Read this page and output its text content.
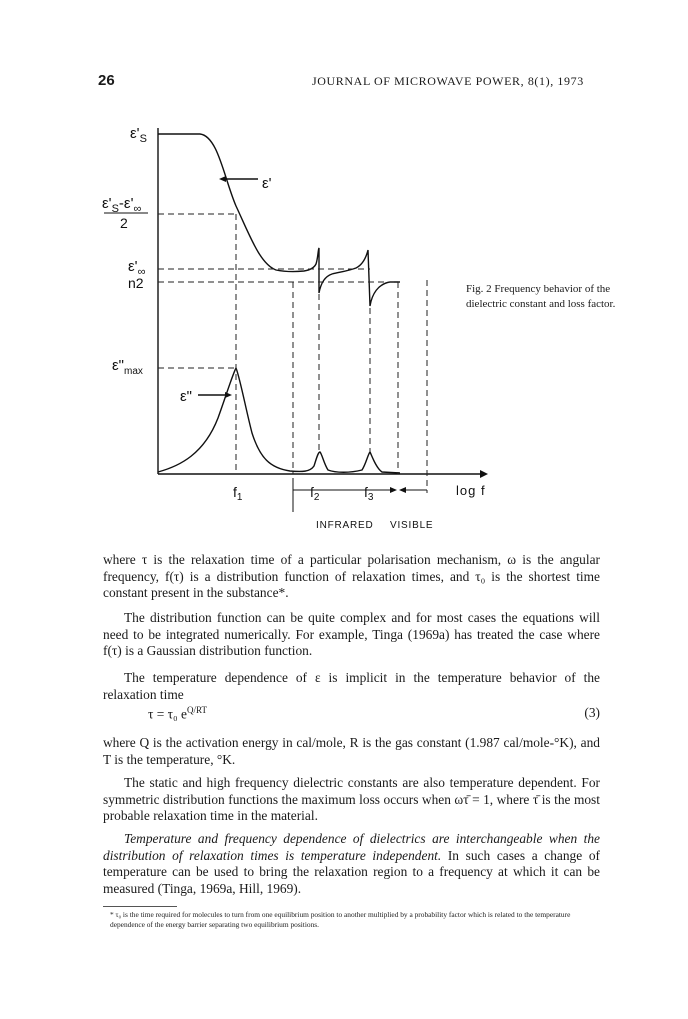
26	JOURNAL OF MICROWAVE POWER, 8(1), 1973
$\varepsilon'_S$
$\varepsilon'_S-\varepsilon'_\infty$
2
$\varepsilon'_\infty$
n2
$\varepsilon"_{max}$
ε'
ε"
$f_1$	$f_2$	$f_3$	log f
INFRARED VISIBLE
Fig. 2 Frequency behavior of the dielectric constant and loss factor.
where τ is the relaxation time of a particular polarisation mechanism, ω is the angular frequency, f(τ) is a distribution function of relaxation times, and τ₀ is the shortest time constant present in the substance*.
The distribution function can be quite complex and for most cases the equations will need to be integrated numerically. For example, Tinga (1969a) has treated the case where f(τ) is a Gaussian distribution function.
The temperature dependence of ε is implicit in the temperature behavior of the relaxation time
τ = τ₀ $e^{Q/RT}$	(3)
where Q is the activation energy in cal/mole, R is the gas constant (1.987 cal/mole-°K), and T is the temperature, °K.
The static and high frequency dielectric constants are also temperature dependent. For symmetric distribution functions the maximum loss occurs when ωτ̄ = 1, where τ̄ is the most probable relaxation time in the material.
Temperature and frequency dependence of dielectrics are interchangeable when the distribution of relaxation times is temperature independent. In such cases a change of temperature can be used to bring the relaxation region to a frequency at which it can be measured (Tinga, 1969a, Hill, 1969).
* τ₀ is the time required for molecules to turn from one equilibrium position to another multiplied by a probability factor which is related to the temperature dependence of the energy barrier separating two equilibrium positions.
